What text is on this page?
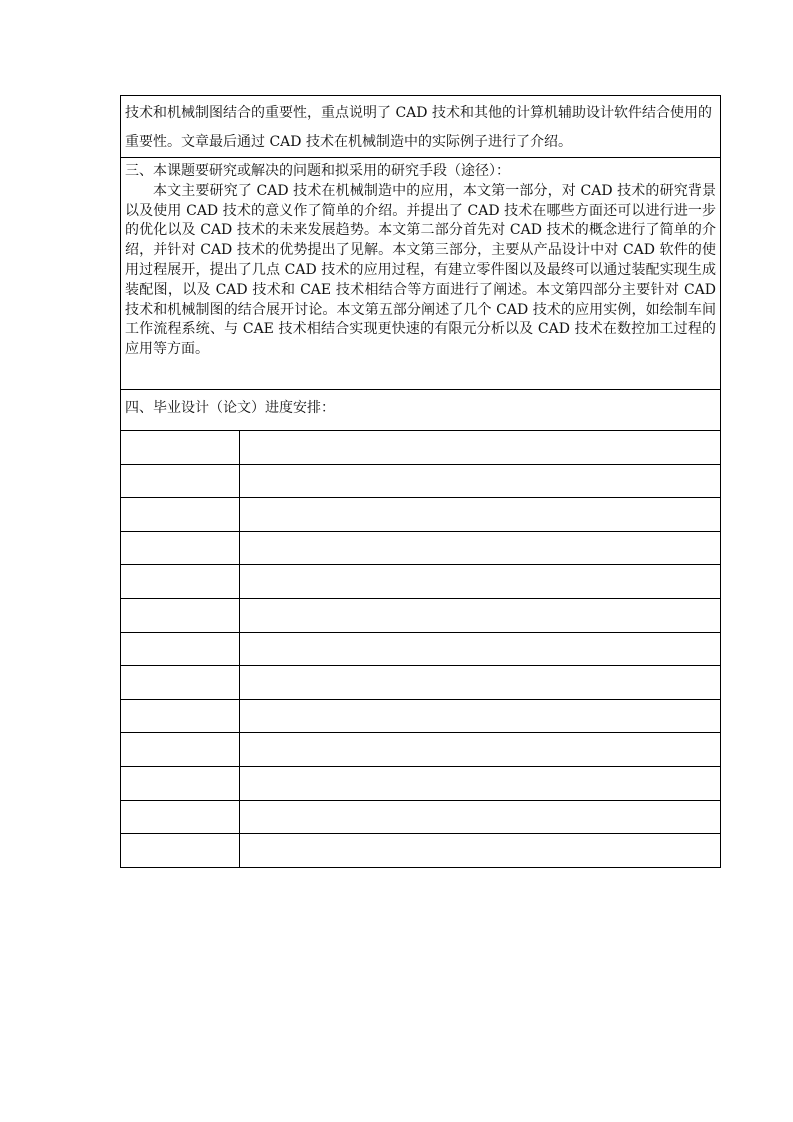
技术和机械制图结合的重要性，重点说明了 CAD 技术和其他的计算机辅助设计软件结合使用的重要性。文章最后通过 CAD 技术在机械制造中的实际例子进行了介绍。
三、本课题要研究或解决的问题和拟采用的研究手段（途径）：
本文主要研究了 CAD 技术在机械制造中的应用，本文第一部分，对 CAD 技术的研究背景以及使用 CAD 技术的意义作了简单的介绍。并提出了 CAD 技术在哪些方面还可以进行进一步的优化以及 CAD 技术的未来发展趋势。本文第二部分首先对 CAD 技术的概念进行了简单的介绍，并针对 CAD 技术的优势提出了见解。本文第三部分，主要从产品设计中对 CAD 软件的使用过程展开，提出了几点 CAD 技术的应用过程，有建立零件图以及最终可以通过装配实现生成装配图，以及 CAD 技术和 CAE 技术相结合等方面进行了阐述。本文第四部分主要针对 CAD 技术和机械制图的结合展开讨论。本文第五部分阐述了几个 CAD 技术的应用实例，如绘制车间工作流程系统、与 CAE 技术相结合实现更快速的有限元分析以及 CAD 技术在数控加工过程的应用等方面。
四、毕业设计（论文）进度安排：
